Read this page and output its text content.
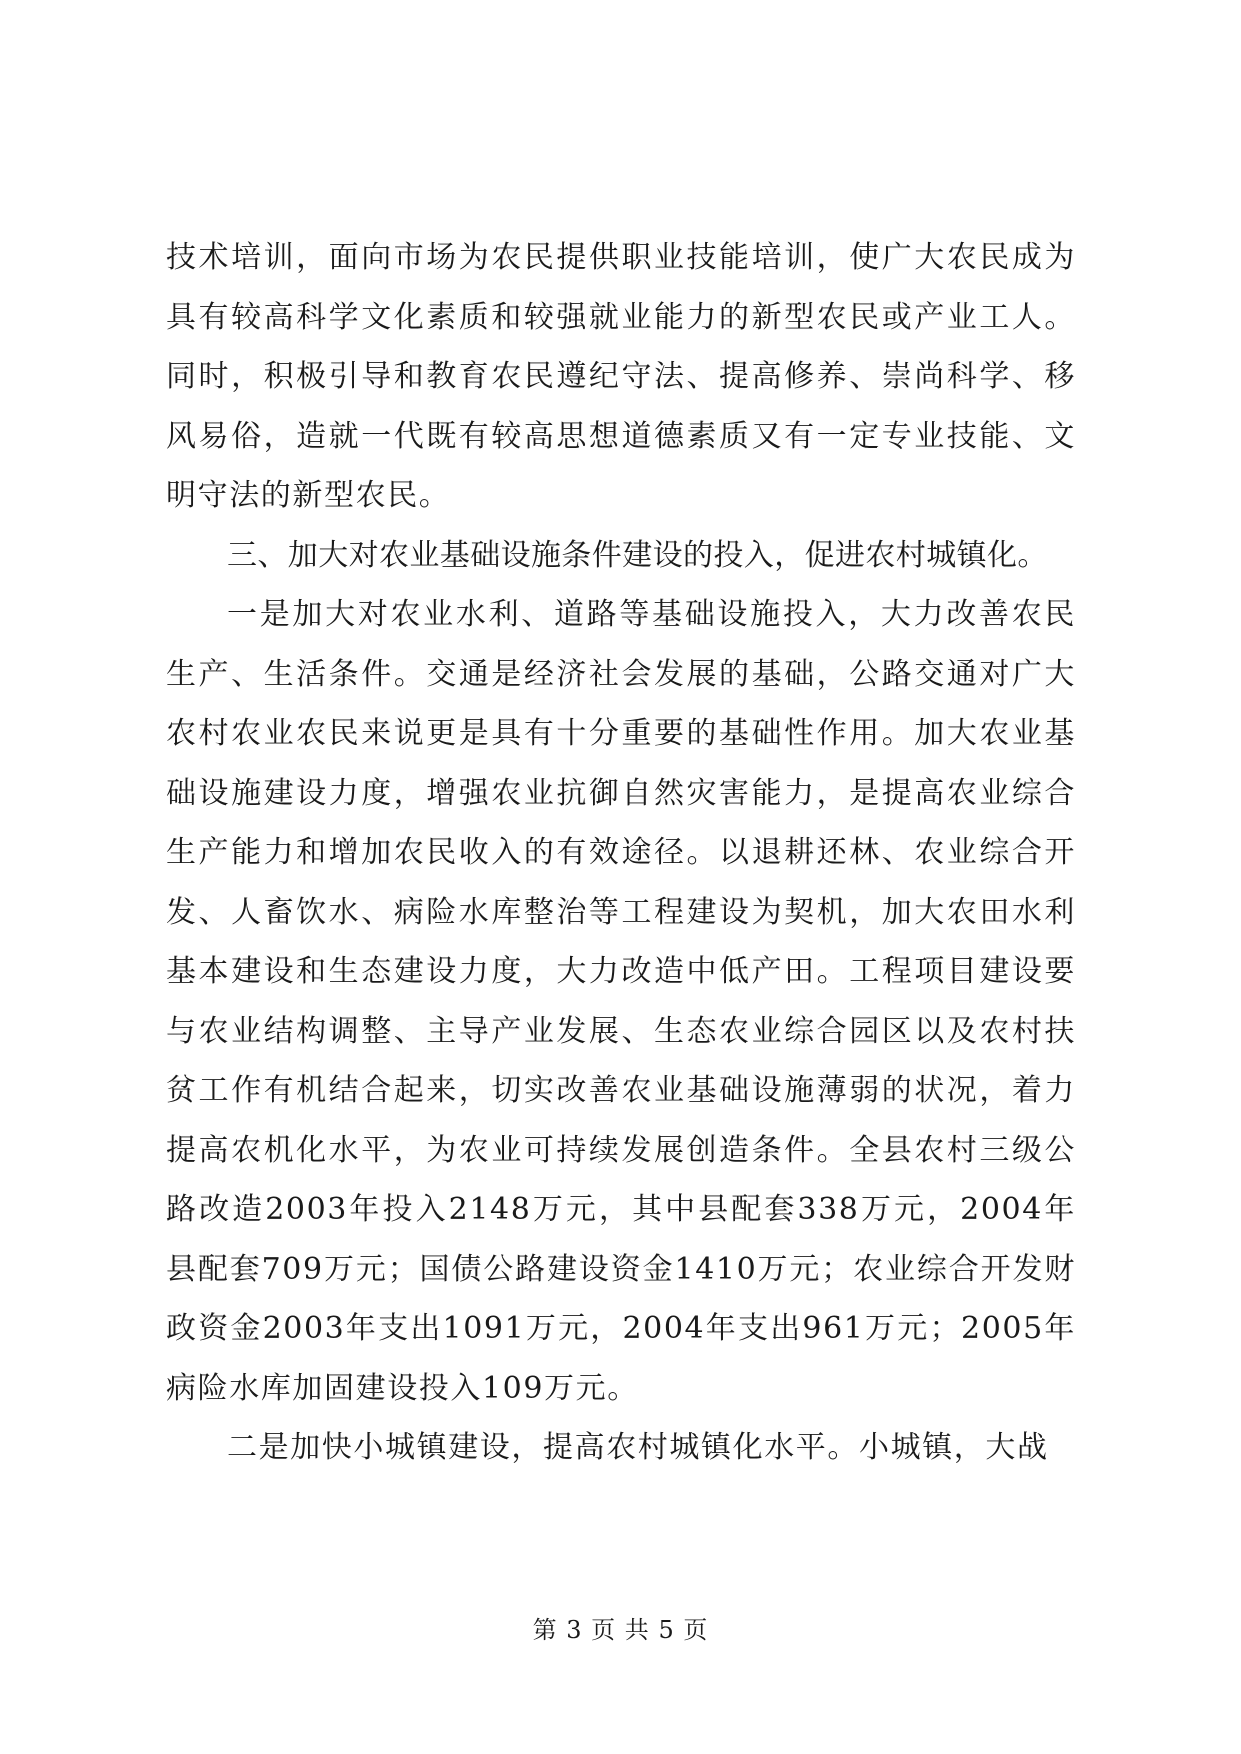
技术培训，面向市场为农民提供职业技能培训，使广大农民成为具有较高科学文化素质和较强就业能力的新型农民或产业工人。同时，积极引导和教育农民遵纪守法、提高修养、崇尚科学、移风易俗，造就一代既有较高思想道德素质又有一定专业技能、文明守法的新型农民。

三、加大对农业基础设施条件建设的投入，促进农村城镇化。

一是加大对农业水利、道路等基础设施投入，大力改善农民生产、生活条件。交通是经济社会发展的基础，公路交通对广大农村农业农民来说更是具有十分重要的基础性作用。加大农业基础设施建设力度，增强农业抗御自然灾害能力，是提高农业综合生产能力和增加农民收入的有效途径。以退耕还林、农业综合开发、人畜饮水、病险水库整治等工程建设为契机，加大农田水利基本建设和生态建设力度，大力改造中低产田。工程项目建设要与农业结构调整、主导产业发展、生态农业综合园区以及农村扶贫工作有机结合起来，切实改善农业基础设施薄弱的状况，着力提高农机化水平，为农业可持续发展创造条件。全县农村三级公路改造2003年投入2148万元，其中县配套338万元，2004年县配套709万元；国债公路建设资金1410万元；农业综合开发财政资金2003年支出1091万元，2004年支出961万元；2005年病险水库加固建设投入109万元。

二是加快小城镇建设，提高农村城镇化水平。小城镇，大战

第 3 页 共 5 页
